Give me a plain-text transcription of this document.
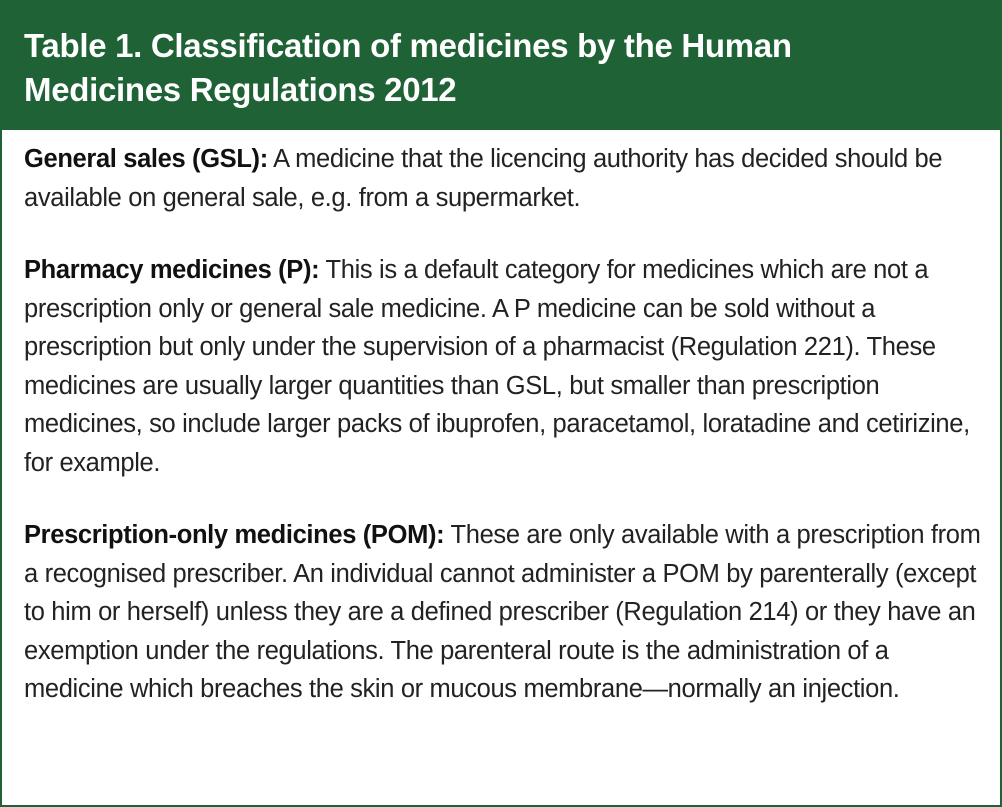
Table 1. Classification of medicines by the Human
Medicines Regulations 2012

General sales (GSL): A medicine that the licencing authority has decided should be available on general sale, e.g. from a supermarket.

Pharmacy medicines (P): This is a default category for medicines which are not a prescription only or general sale medicine. A P medicine can be sold without a prescription but only under the supervision of a pharmacist (Regulation 221). These medicines are usually larger quantities than GSL, but smaller than prescription medicines, so include larger packs of ibuprofen, paracetamol, loratadine and cetirizine, for example.

Prescription-only medicines (POM): These are only available with a prescription from a recognised prescriber. An individual cannot administer a POM by parenterally (except to him or herself) unless they are a defined prescriber (Regulation 214) or they have an exemption under the regulations. The parenteral route is the administration of a medicine which breaches the skin or mucous membrane—normally an injection.
